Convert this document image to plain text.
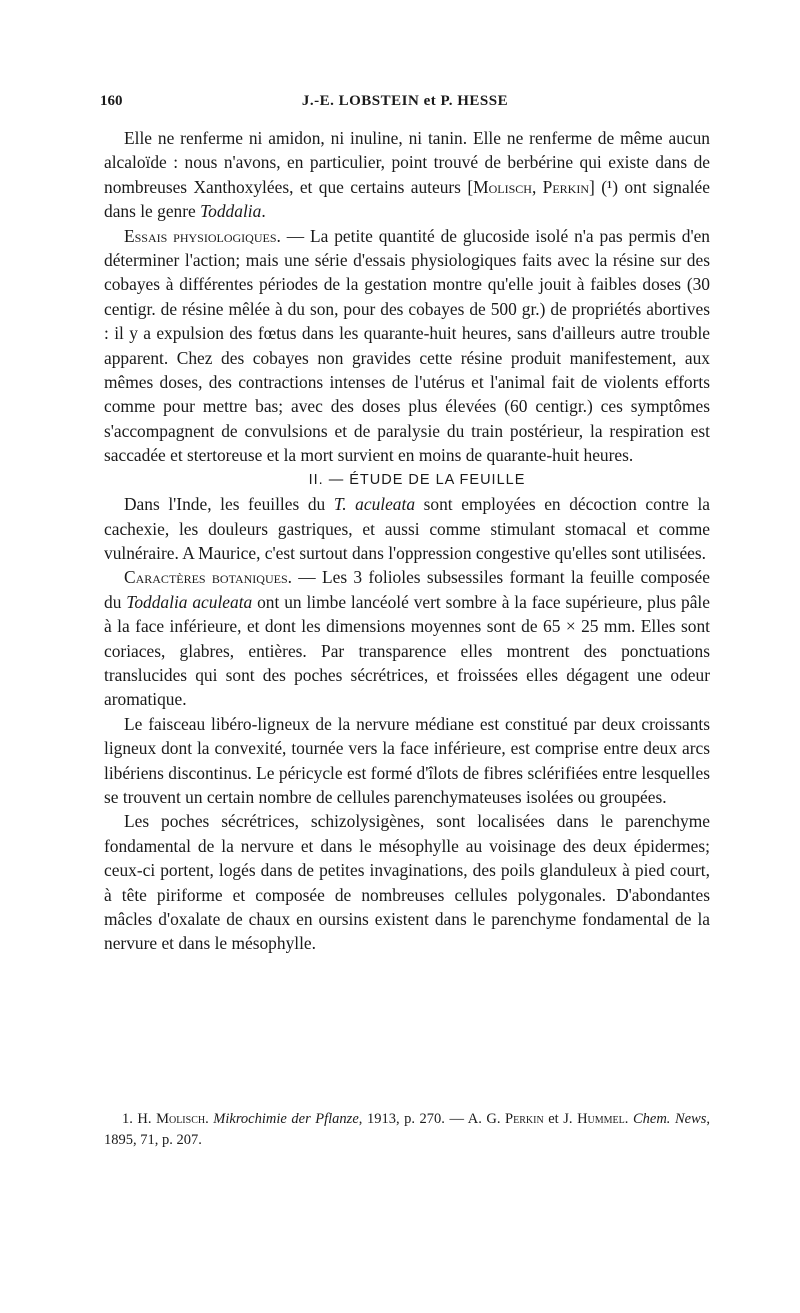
160	J.-E. LOBSTEIN et P. HESSE

Elle ne renferme ni amidon, ni inuline, ni tanin. Elle ne renferme de même aucun alcaloïde : nous n'avons, en particulier, point trouvé de berbérine qui existe dans de nombreuses Xanthoxylées, et que certains auteurs [Molisch, Perkin] (¹) ont signalée dans le genre Toddalia.

Essais physiologiques. — La petite quantité de glucoside isolé n'a pas permis d'en déterminer l'action; mais une série d'essais physiologiques faits avec la résine sur des cobayes à différentes périodes de la gestation montre qu'elle jouit à faibles doses (30 centigr. de résine mêlée à du son, pour des cobayes de 500 gr.) de propriétés abortives : il y a expulsion des fœtus dans les quarante-huit heures, sans d'ailleurs autre trouble apparent. Chez des cobayes non gravides cette résine produit manifestement, aux mêmes doses, des contractions intenses de l'utérus et l'animal fait de violents efforts comme pour mettre bas; avec des doses plus élevées (60 centigr.) ces symptômes s'accompagnent de convulsions et de paralysie du train postérieur, la respiration est saccadée et stertoreuse et la mort survient en moins de quarante-huit heures.

II. — ÉTUDE DE LA FEUILLE

Dans l'Inde, les feuilles du T. aculeata sont employées en décoction contre la cachexie, les douleurs gastriques, et aussi comme stimulant stomacal et comme vulnéraire. A Maurice, c'est surtout dans l'oppression congestive qu'elles sont utilisées.

Caractères botaniques. — Les 3 folioles subsessiles formant la feuille composée du Toddalia aculeata ont un limbe lancéolé vert sombre à la face supérieure, plus pâle à la face inférieure, et dont les dimensions moyennes sont de 65 × 25 mm. Elles sont coriaces, glabres, entières. Par transparence elles montrent des ponctuations translucides qui sont des poches sécrétrices, et froissées elles dégagent une odeur aromatique.

Le faisceau libéro-ligneux de la nervure médiane est constitué par deux croissants ligneux dont la convexité, tournée vers la face inférieure, est comprise entre deux arcs libériens discontinus. Le péricycle est formé d'îlots de fibres sclérifiées entre lesquelles se trouvent un certain nombre de cellules parenchymateuses isolées ou groupées.

Les poches sécrétrices, schizolysigènes, sont localisées dans le parenchyme fondamental de la nervure et dans le mésophylle au voisinage des deux épidermes; ceux-ci portent, logés dans de petites invaginations, des poils glanduleux à pied court, à tête piriforme et composée de nombreuses cellules polygonales. D'abondantes mâcles d'oxalate de chaux en oursins existent dans le parenchyme fondamental de la nervure et dans le mésophylle.

1. H. Molisch. Mikrochimie der Pflanze, 1913, p. 270. — A. G. Perkin et J. Hummel. Chem. News, 1895, 71, p. 207.
